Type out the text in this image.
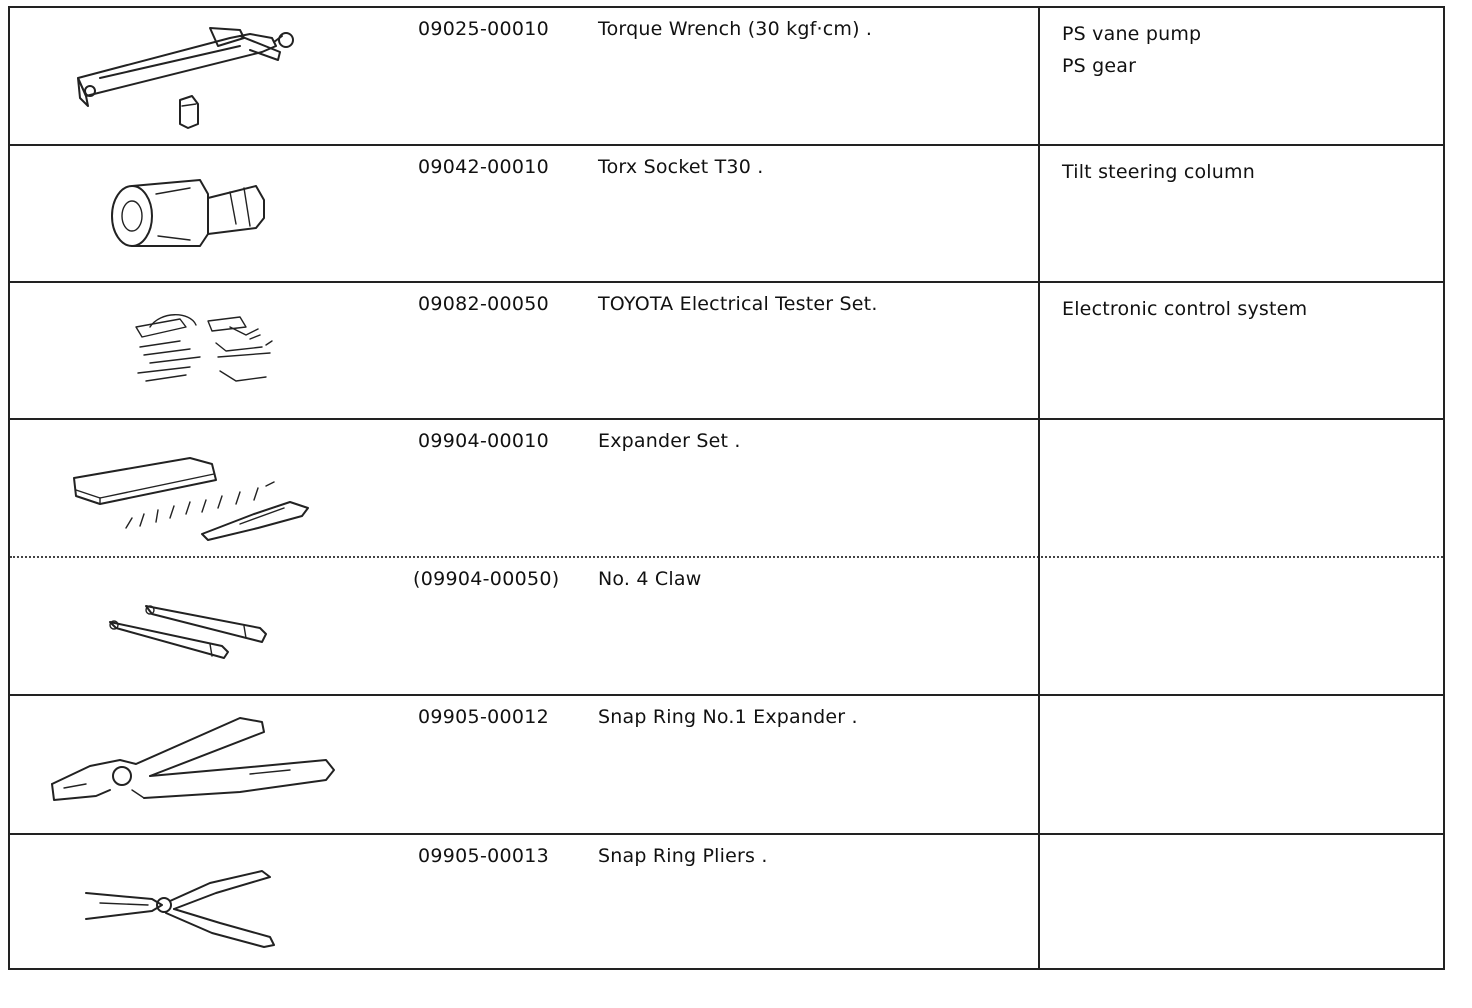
09025-00010	Torque Wrench (30 kgf·cm) .	PS vane pump
PS gear
09042-00010	Torx Socket T30 .	Tilt steering column
09082-00050	TOYOTA Electrical Tester Set.	Electronic control system
09904-00010	Expander Set .
(09904-00050)	No. 4 Claw
09905-00012	Snap Ring No.1 Expander .
09905-00013	Snap Ring Pliers .
